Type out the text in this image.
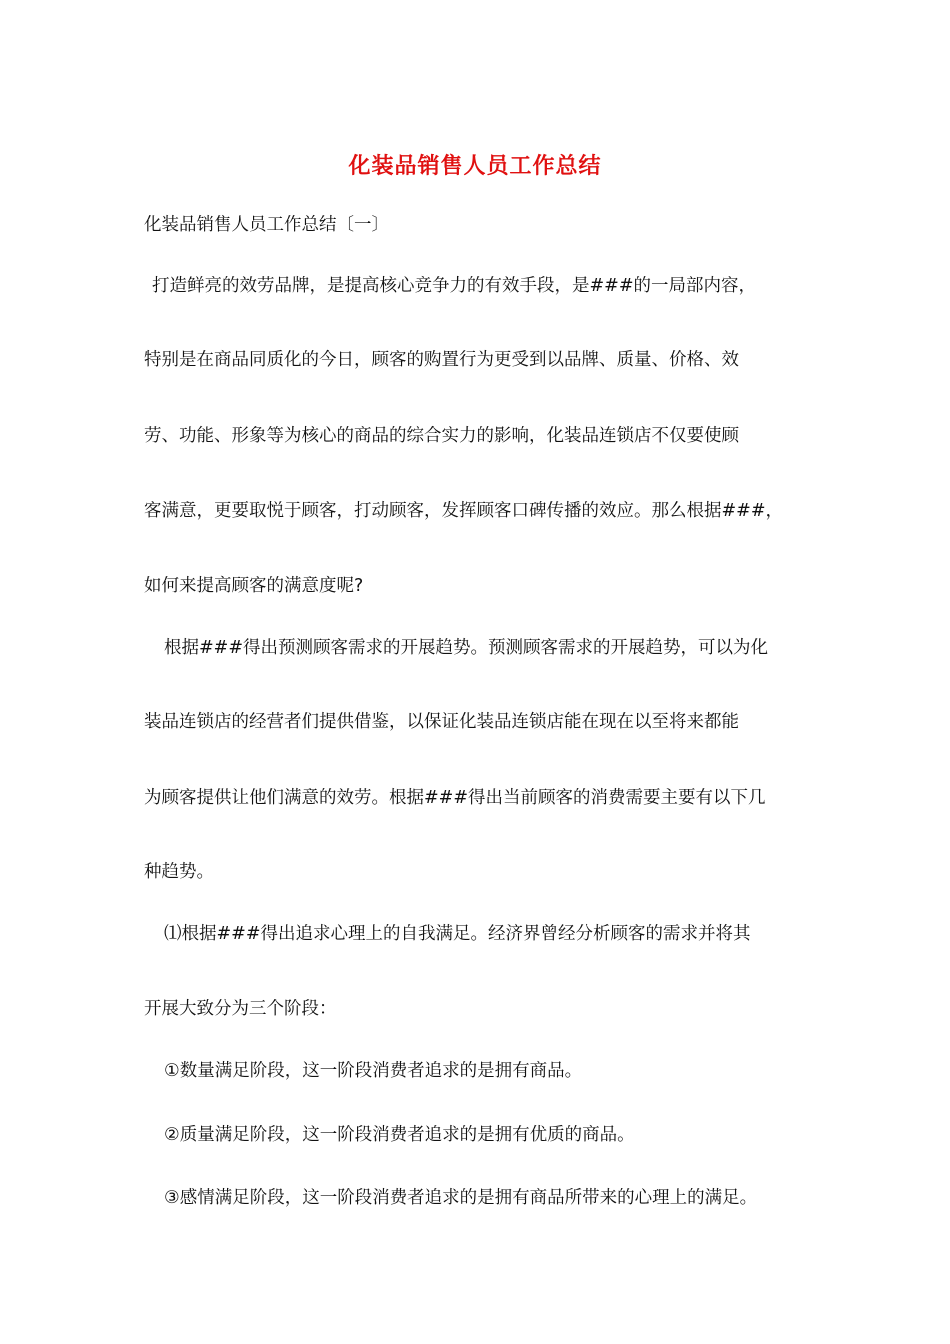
化装品销售人员工作总结
化装品销售人员工作总结〔一〕
打造鲜亮的效劳品牌，是提高核心竞争力的有效手段，是###的一局部内容，
特别是在商品同质化的今日，顾客的购置行为更受到以品牌、质量、价格、效
劳、功能、形象等为核心的商品的综合实力的影响，化装品连锁店不仅要使顾
客满意，更要取悦于顾客，打动顾客，发挥顾客口碑传播的效应。那么根据###，
如何来提高顾客的满意度呢?
根据###得出预测顾客需求的开展趋势。预测顾客需求的开展趋势，可以为化
装品连锁店的经营者们提供借鉴，以保证化装品连锁店能在现在以至将来都能
为顾客提供让他们满意的效劳。根据###得出当前顾客的消费需要主要有以下几
种趋势。
⑴根据###得出追求心理上的自我满足。经济界曾经分析顾客的需求并将其
开展大致分为三个阶段：
①数量满足阶段，这一阶段消费者追求的是拥有商品。
②质量满足阶段，这一阶段消费者追求的是拥有优质的商品。
③感情满足阶段，这一阶段消费者追求的是拥有商品所带来的心理上的满足。
